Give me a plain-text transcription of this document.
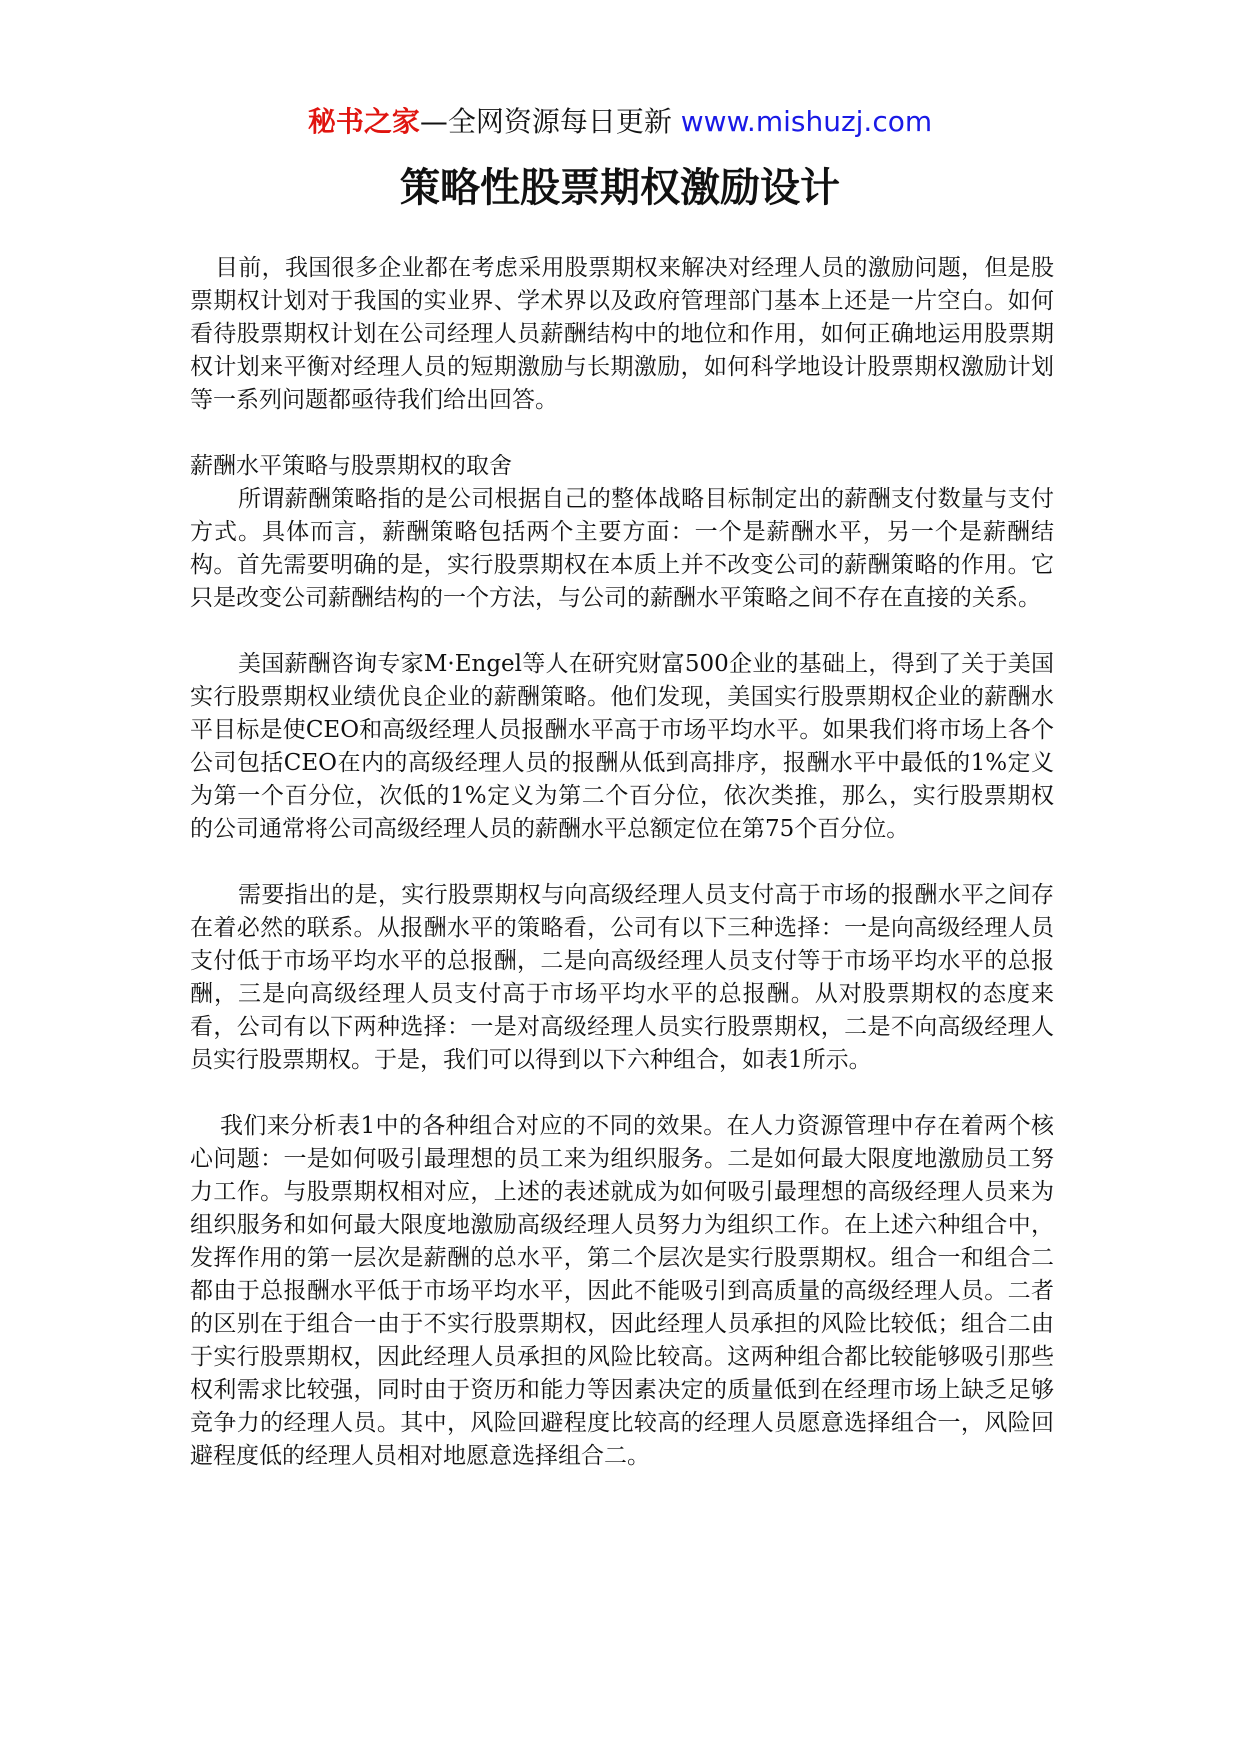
秘书之家—全网资源每日更新 www.mishuzj.com
策略性股票期权激励设计

目前，我国很多企业都在考虑采用股票期权来解决对经理人员的激励问题，但是股票期权计划对于我国的实业界、学术界以及政府管理部门基本上还是一片空白。如何看待股票期权计划在公司经理人员薪酬结构中的地位和作用，如何正确地运用股票期权计划来平衡对经理人员的短期激励与长期激励，如何科学地设计股票期权激励计划等一系列问题都亟待我们给出回答。

薪酬水平策略与股票期权的取舍

所谓薪酬策略指的是公司根据自己的整体战略目标制定出的薪酬支付数量与支付方式。具体而言，薪酬策略包括两个主要方面：一个是薪酬水平，另一个是薪酬结构。首先需要明确的是，实行股票期权在本质上并不改变公司的薪酬策略的作用。它只是改变公司薪酬结构的一个方法，与公司的薪酬水平策略之间不存在直接的关系。

美国薪酬咨询专家M·Engel等人在研究财富500企业的基础上，得到了关于美国实行股票期权业绩优良企业的薪酬策略。他们发现，美国实行股票期权企业的薪酬水平目标是使CEO和高级经理人员报酬水平高于市场平均水平。如果我们将市场上各个公司包括CEO在内的高级经理人员的报酬从低到高排序，报酬水平中最低的1%定义为第一个百分位，次低的1%定义为第二个百分位，依次类推，那么，实行股票期权的公司通常将公司高级经理人员的薪酬水平总额定位在第75个百分位。

需要指出的是，实行股票期权与向高级经理人员支付高于市场的报酬水平之间存在着必然的联系。从报酬水平的策略看，公司有以下三种选择：一是向高级经理人员支付低于市场平均水平的总报酬，二是向高级经理人员支付等于市场平均水平的总报酬，三是向高级经理人员支付高于市场平均水平的总报酬。从对股票期权的态度来看，公司有以下两种选择：一是对高级经理人员实行股票期权，二是不向高级经理人员实行股票期权。于是，我们可以得到以下六种组合，如表1所示。

我们来分析表1中的各种组合对应的不同的效果。在人力资源管理中存在着两个核心问题：一是如何吸引最理想的员工来为组织服务。二是如何最大限度地激励员工努力工作。与股票期权相对应，上述的表述就成为如何吸引最理想的高级经理人员来为组织服务和如何最大限度地激励高级经理人员努力为组织工作。在上述六种组合中，发挥作用的第一层次是薪酬的总水平，第二个层次是实行股票期权。组合一和组合二都由于总报酬水平低于市场平均水平，因此不能吸引到高质量的高级经理人员。二者的区别在于组合一由于不实行股票期权，因此经理人员承担的风险比较低；组合二由于实行股票期权，因此经理人员承担的风险比较高。这两种组合都比较能够吸引那些权利需求比较强，同时由于资历和能力等因素决定的质量低到在经理市场上缺乏足够竞争力的经理人员。其中，风险回避程度比较高的经理人员愿意选择组合一，风险回避程度低的经理人员相对地愿意选择组合二。
